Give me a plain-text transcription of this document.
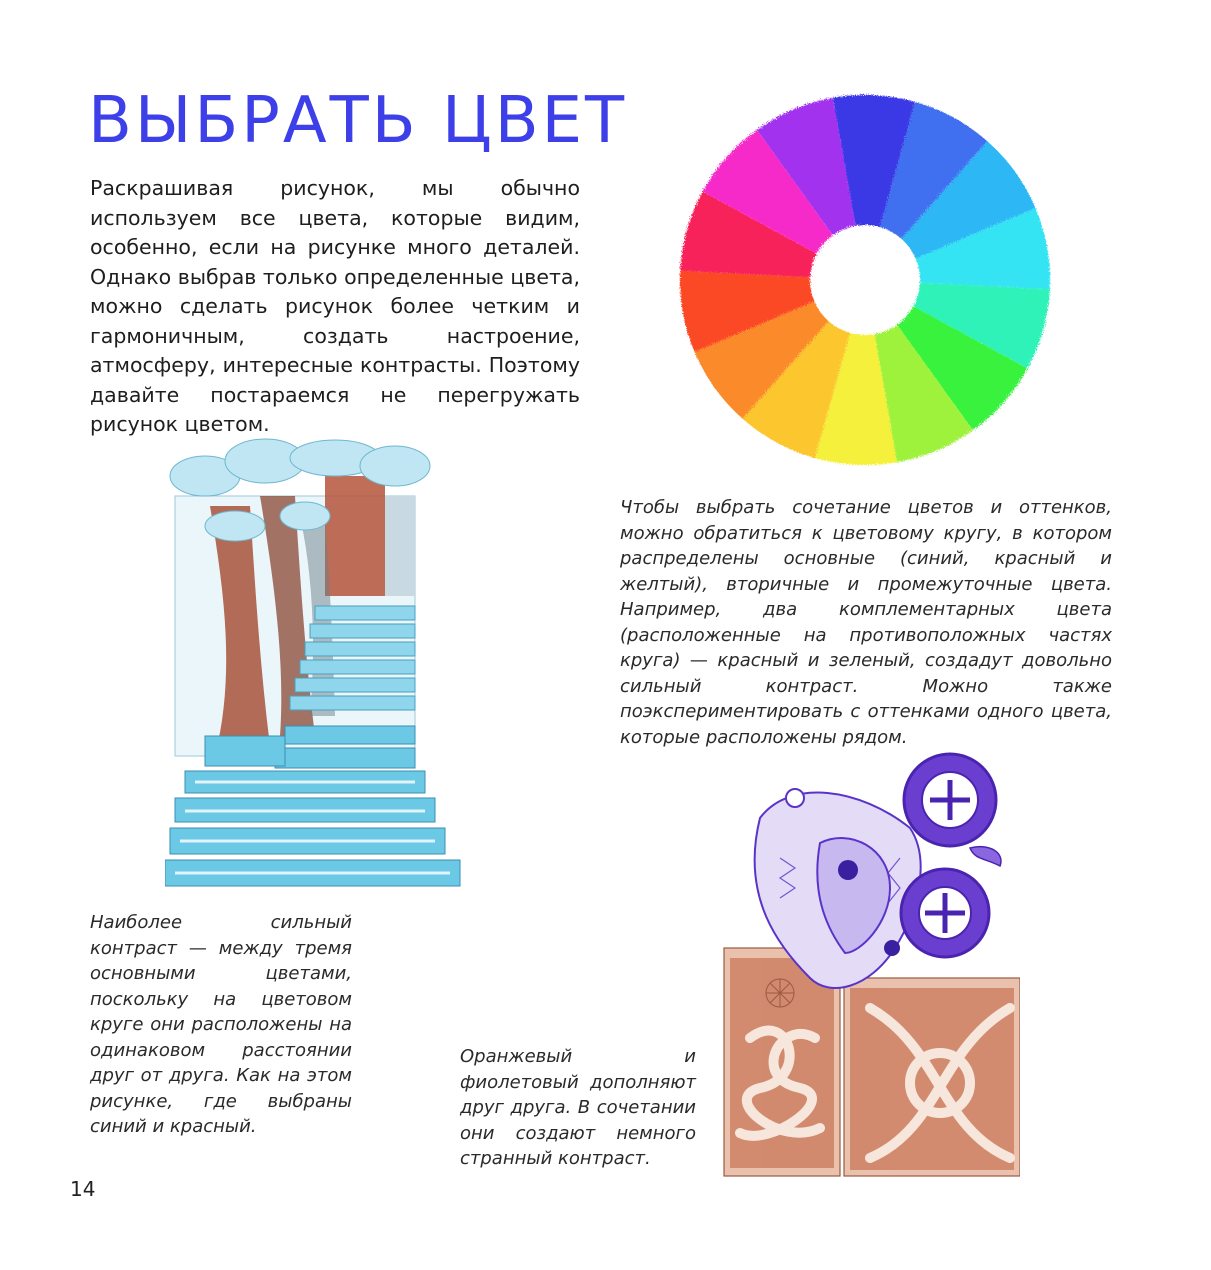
ВЫБРАТЬ ЦВЕТ

Раскрашивая рисунок, мы обычно используем все цвета, которые видим, особенно, если на рисунке много деталей. Однако выбрав только определенные цвета, можно сделать рисунок более четким и гармоничным, создать настроение, атмосферу, интересные контрасты. Поэтому давайте постараемся не перегружать рисунок цветом.

Чтобы выбрать сочетание цветов и оттенков, можно обратиться к цветовому кругу, в котором распределены основные (синий, красный и желтый), вторичные и промежуточные цвета. Например, два комплементарных цвета (расположенные на противоположных частях круга) — красный и зеленый, создадут довольно сильный контраст. Можно также поэкспериментировать с оттенками одного цвета, которые расположены рядом.

Наиболее сильный контраст — между тремя основными цветами, поскольку на цветовом круге они расположены на одинаковом расстоянии друг от друга. Как на этом рисунке, где выбраны синий и красный.

Оранжевый и фиолетовый дополняют друг друга. В сочетании они создают немного странный контраст.

14
